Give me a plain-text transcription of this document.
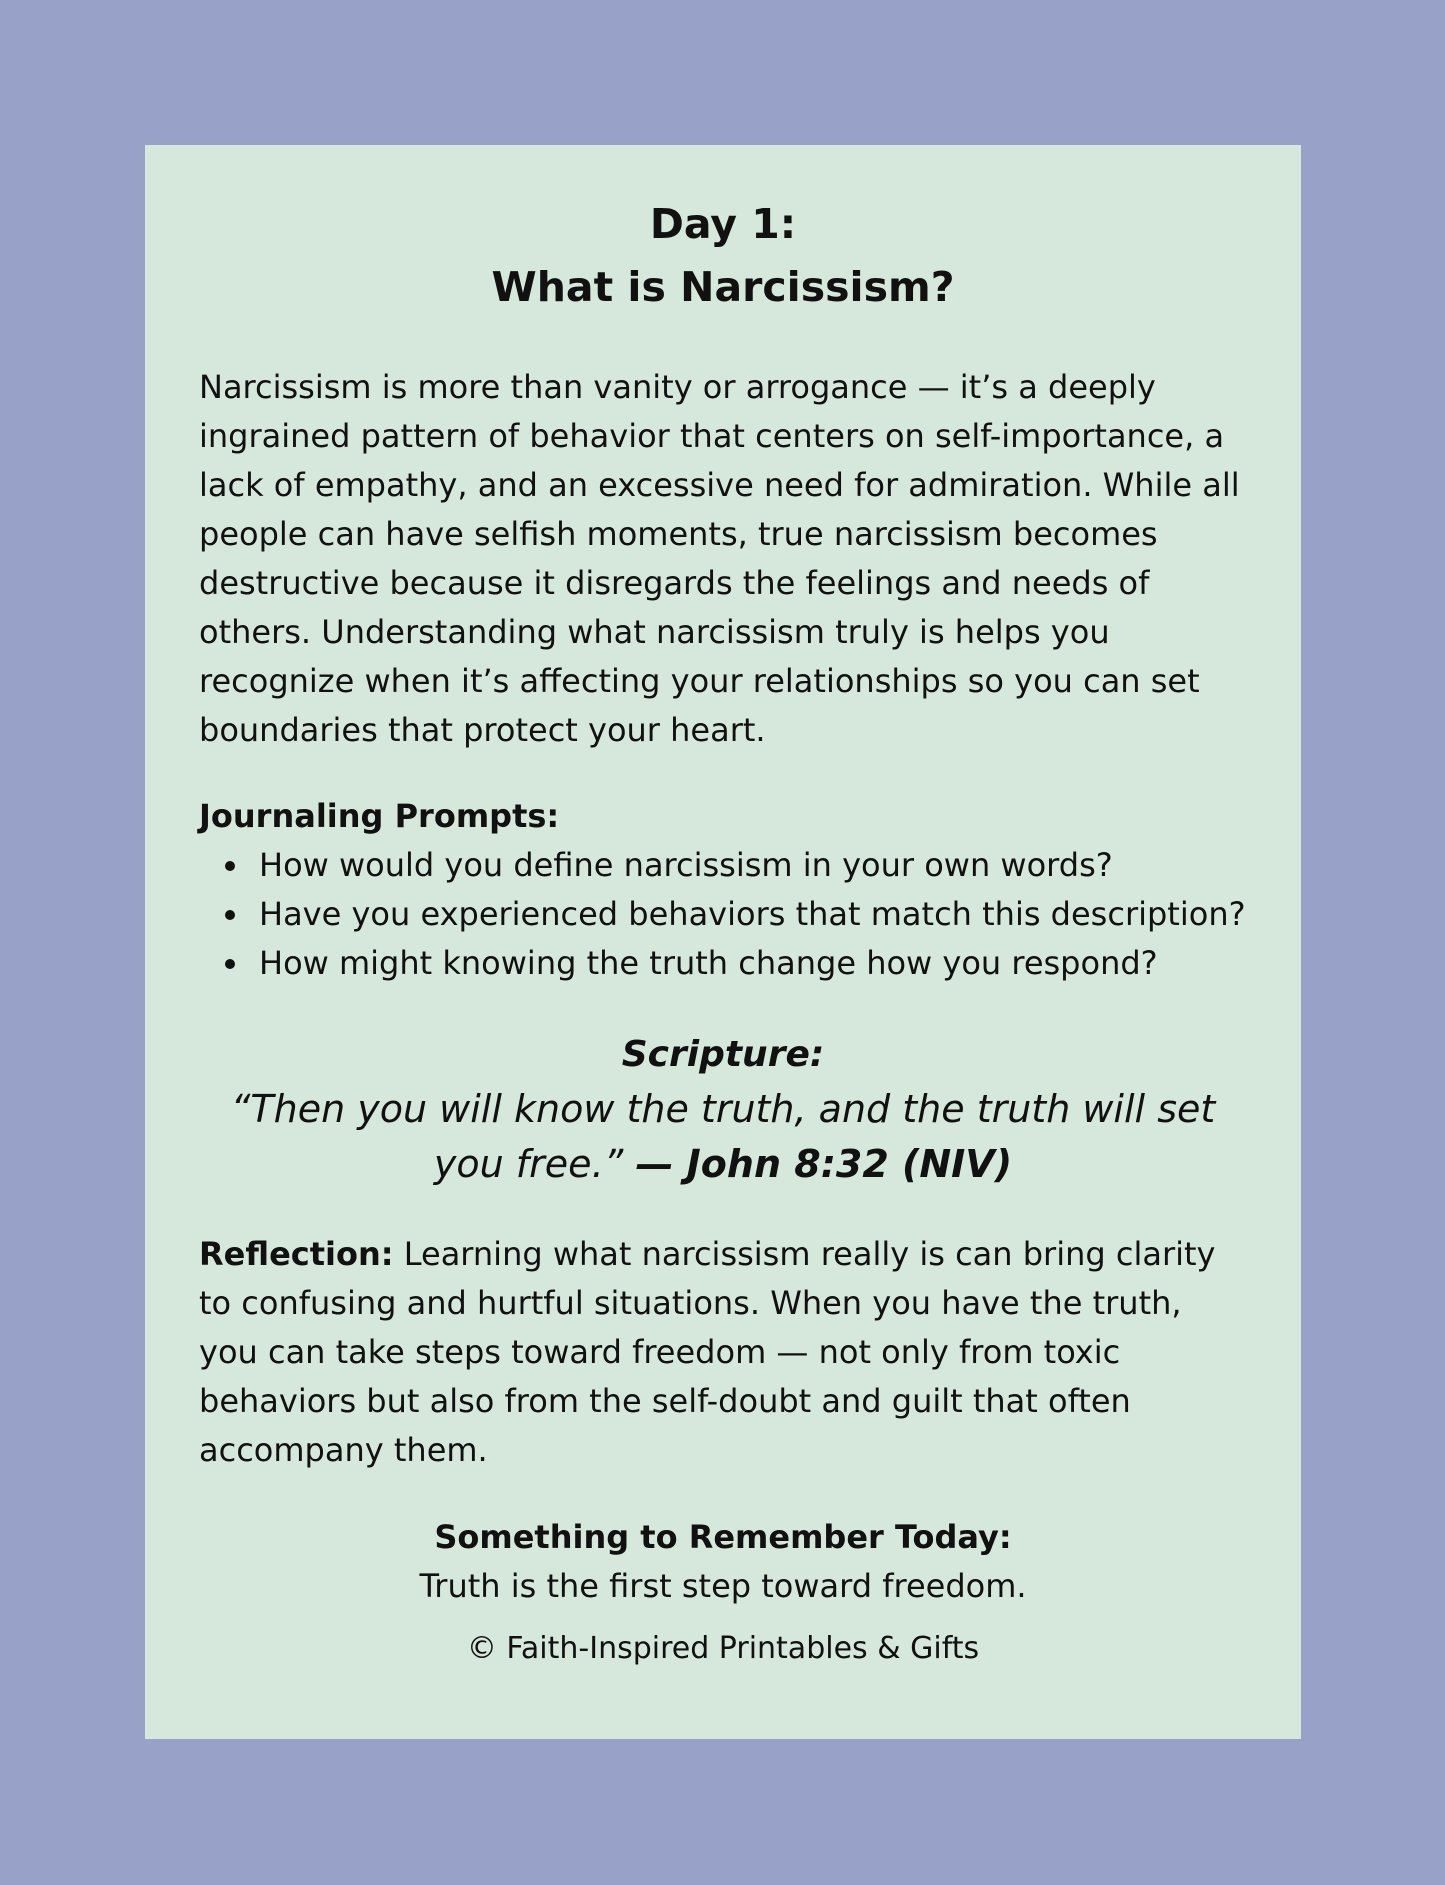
Day 1:
What is Narcissism?

Narcissism is more than vanity or arrogance — it’s a deeply ingrained pattern of behavior that centers on self-importance, a lack of empathy, and an excessive need for admiration. While all people can have selfish moments, true narcissism becomes destructive because it disregards the feelings and needs of others. Understanding what narcissism truly is helps you recognize when it’s affecting your relationships so you can set boundaries that protect your heart.

Journaling Prompts:

How would you define narcissism in your own words?
Have you experienced behaviors that match this description?
How might knowing the truth change how you respond?

Scripture:

“Then you will know the truth, and the truth will set you free.” — John 8:32 (NIV)

Reflection: Learning what narcissism really is can bring clarity to confusing and hurtful situations. When you have the truth, you can take steps toward freedom — not only from toxic behaviors but also from the self-doubt and guilt that often accompany them.

Something to Remember Today:

Truth is the first step toward freedom.

© Faith-Inspired Printables & Gifts
